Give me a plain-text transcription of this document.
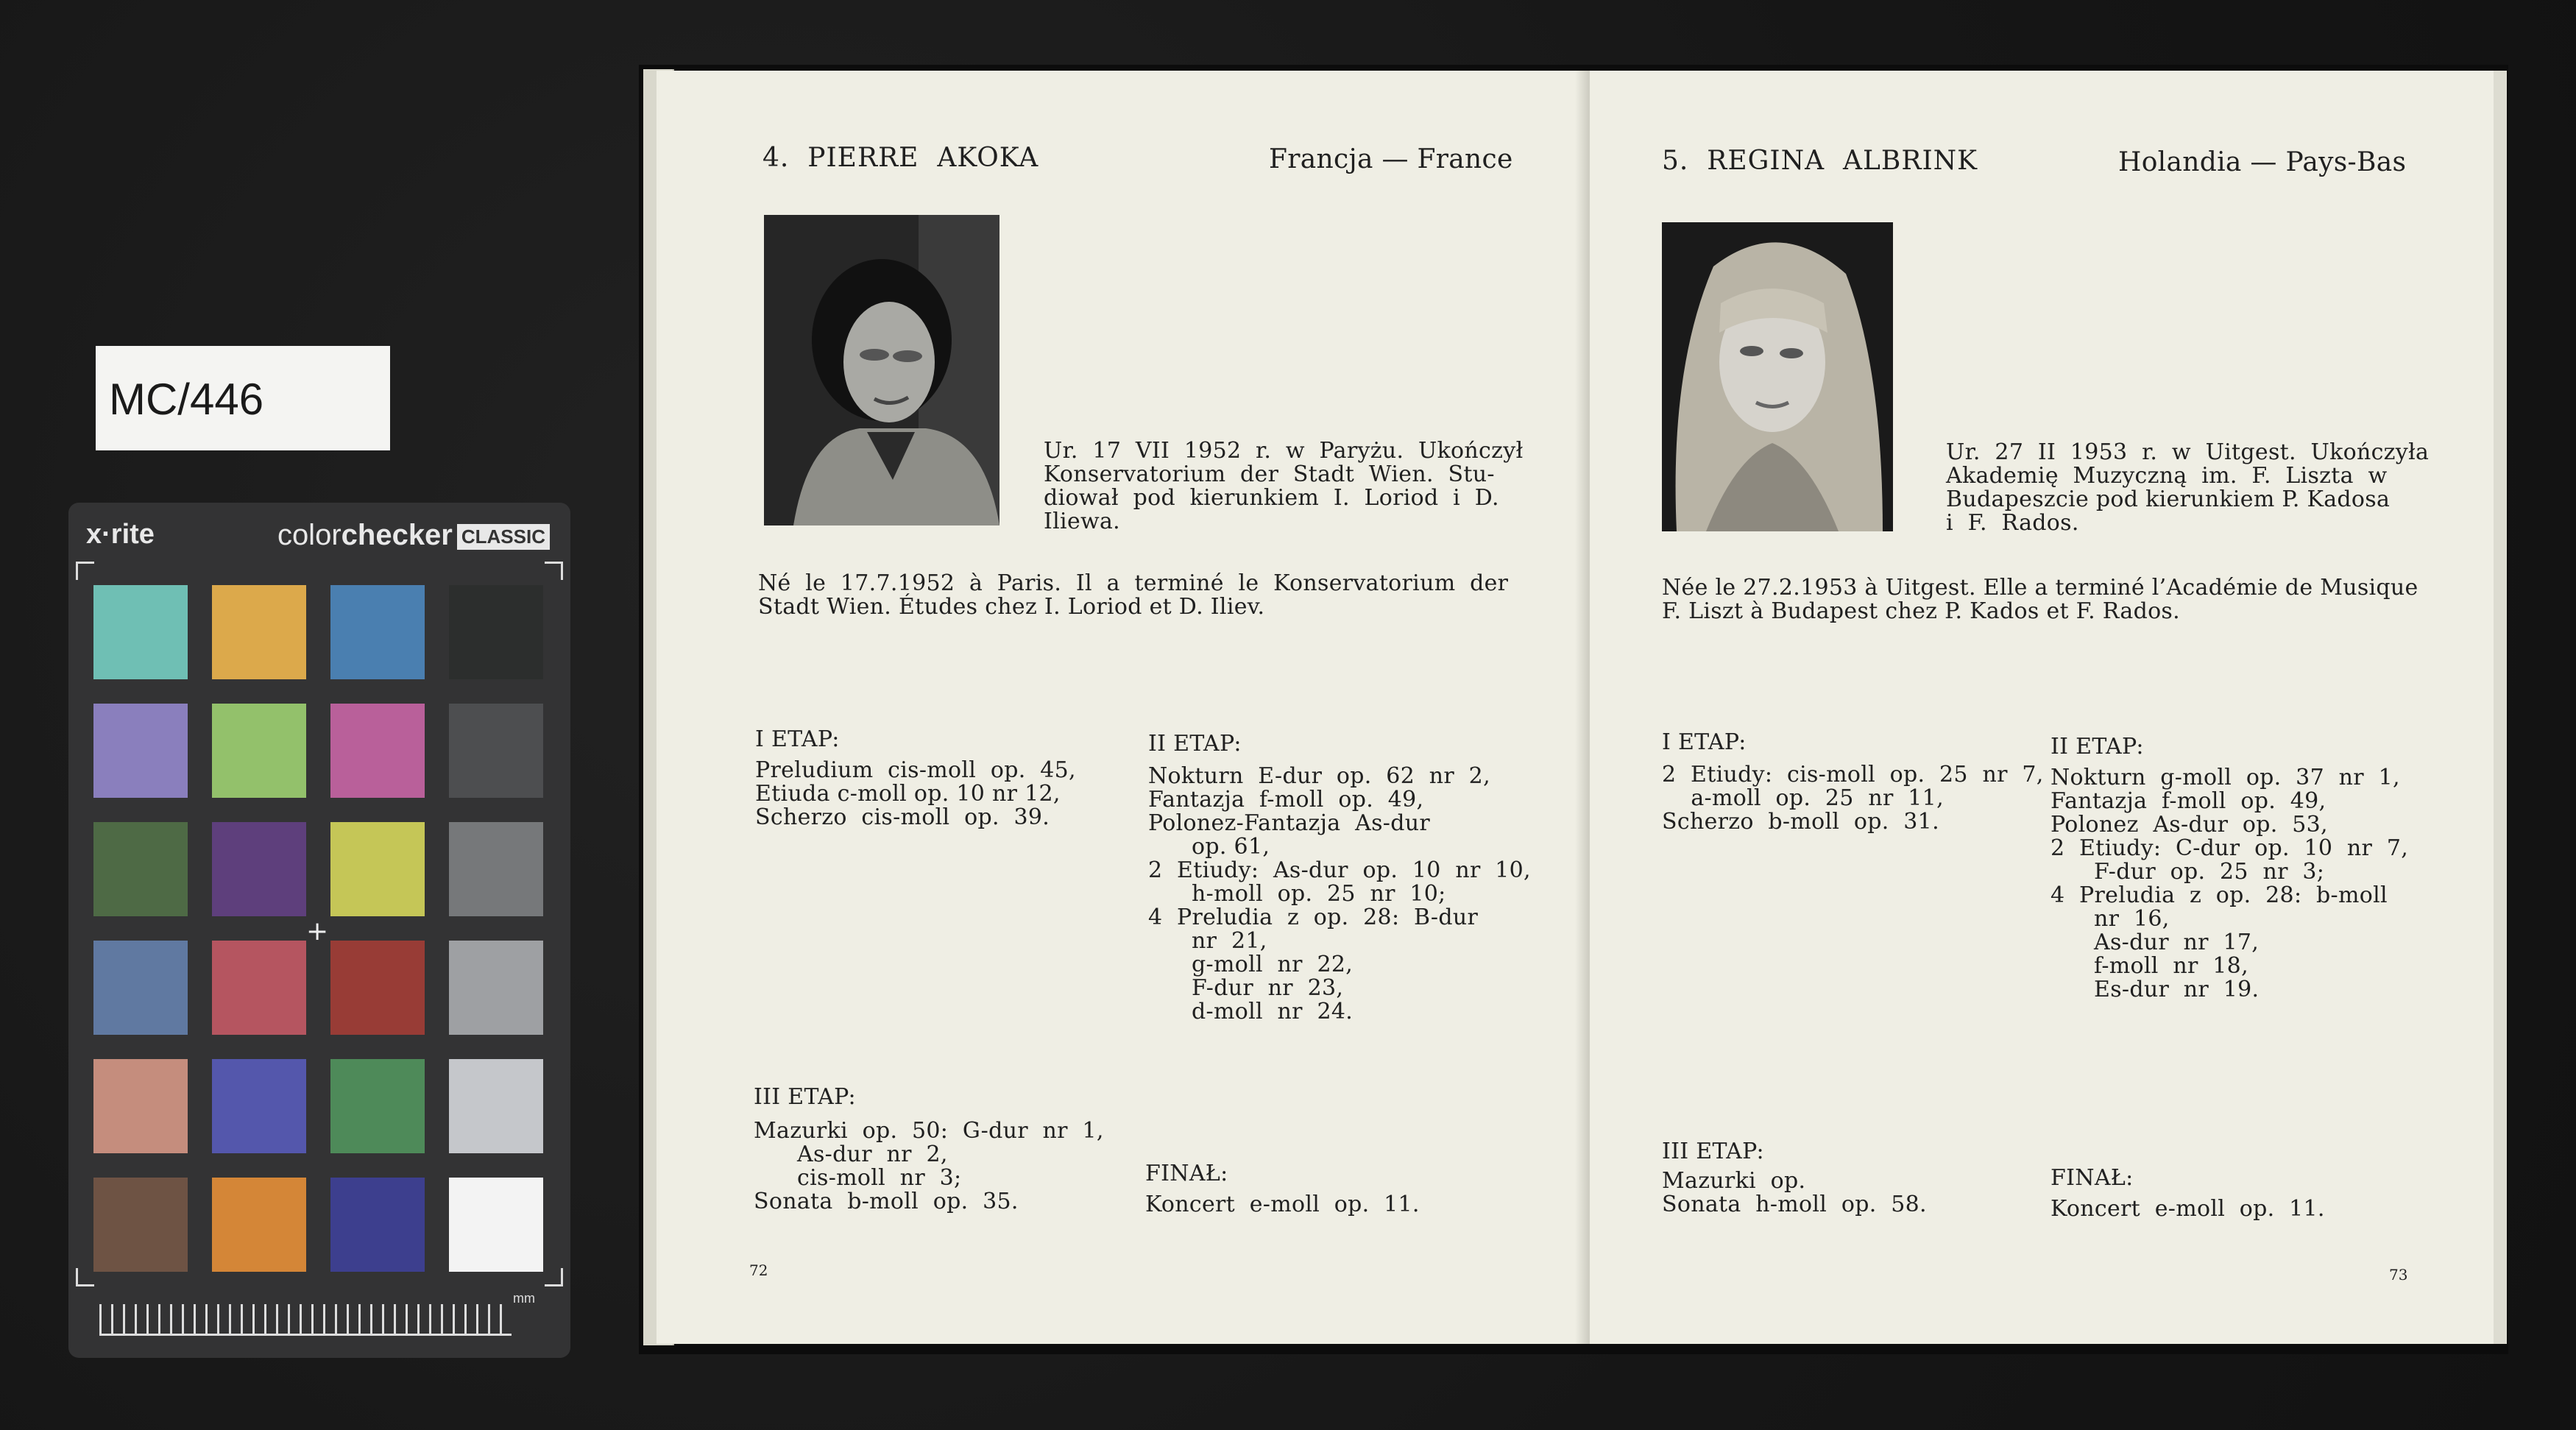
MC/446
x·rite	colorchecker CLASSIC
mm
+
4.  PIERRE  AKOKA	Francja — France
Ur.  17  VII  1952  r.  w  Paryżu.  Ukończył
Konservatorium  der  Stadt  Wien.  Stu-
diował  pod  kierunkiem  I.  Loriod  i  D.
Iliewa.
Né  le  17.7.1952  à  Paris.  Il  a  terminé  le  Konservatorium  der
Stadt Wien. Études chez I. Loriod et D. Iliev.
I ETAP:
Preludium  cis-moll  op.  45,
Etiuda c-moll op. 10 nr 12,
Scherzo  cis-moll  op.  39.
II ETAP:
Nokturn  E-dur  op.  62  nr  2,
Fantazja  f-moll  op.  49,
Polonez-Fantazja  As-dur
op. 61,
2  Etiudy:  As-dur  op.  10  nr  10,
h-moll  op.  25  nr  10;
4  Preludia  z  op.  28:  B-dur
nr  21,
g-moll  nr  22,
F-dur  nr  23,
d-moll  nr  24.
III ETAP:
Mazurki  op.  50:  G-dur  nr  1,
As-dur  nr  2,
cis-moll  nr  3;
Sonata  b-moll  op.  35.
FINAŁ:
Koncert  e-moll  op.  11.
72
5.  REGINA  ALBRINK	Holandia — Pays-Bas
Ur.  27  II  1953  r.  w  Uitgest.  Ukończyła
Akademię  Muzyczną  im.  F.  Liszta  w
Budapeszcie pod kierunkiem P. Kadosa
i  F.  Rados.
Née le 27.2.1953 à Uitgest. Elle a terminé l’Académie de Musique
F. Liszt à Budapest chez P. Kados et F. Rados.
I ETAP:
2  Etiudy:  cis-moll  op.  25  nr  7,
a-moll  op.  25  nr  11,
Scherzo  b-moll  op.  31.
II ETAP:
Nokturn  g-moll  op.  37  nr  1,
Fantazja  f-moll  op.  49,
Polonez  As-dur  op.  53,
2  Etiudy:  C-dur  op.  10  nr  7,
F-dur  op.  25  nr  3;
4  Preludia  z  op.  28:  b-moll
nr  16,
As-dur  nr  17,
f-moll  nr  18,
Es-dur  nr  19.
III ETAP:
Mazurki  op.
Sonata  h-moll  op.  58.
FINAŁ:
Koncert  e-moll  op.  11.
73
